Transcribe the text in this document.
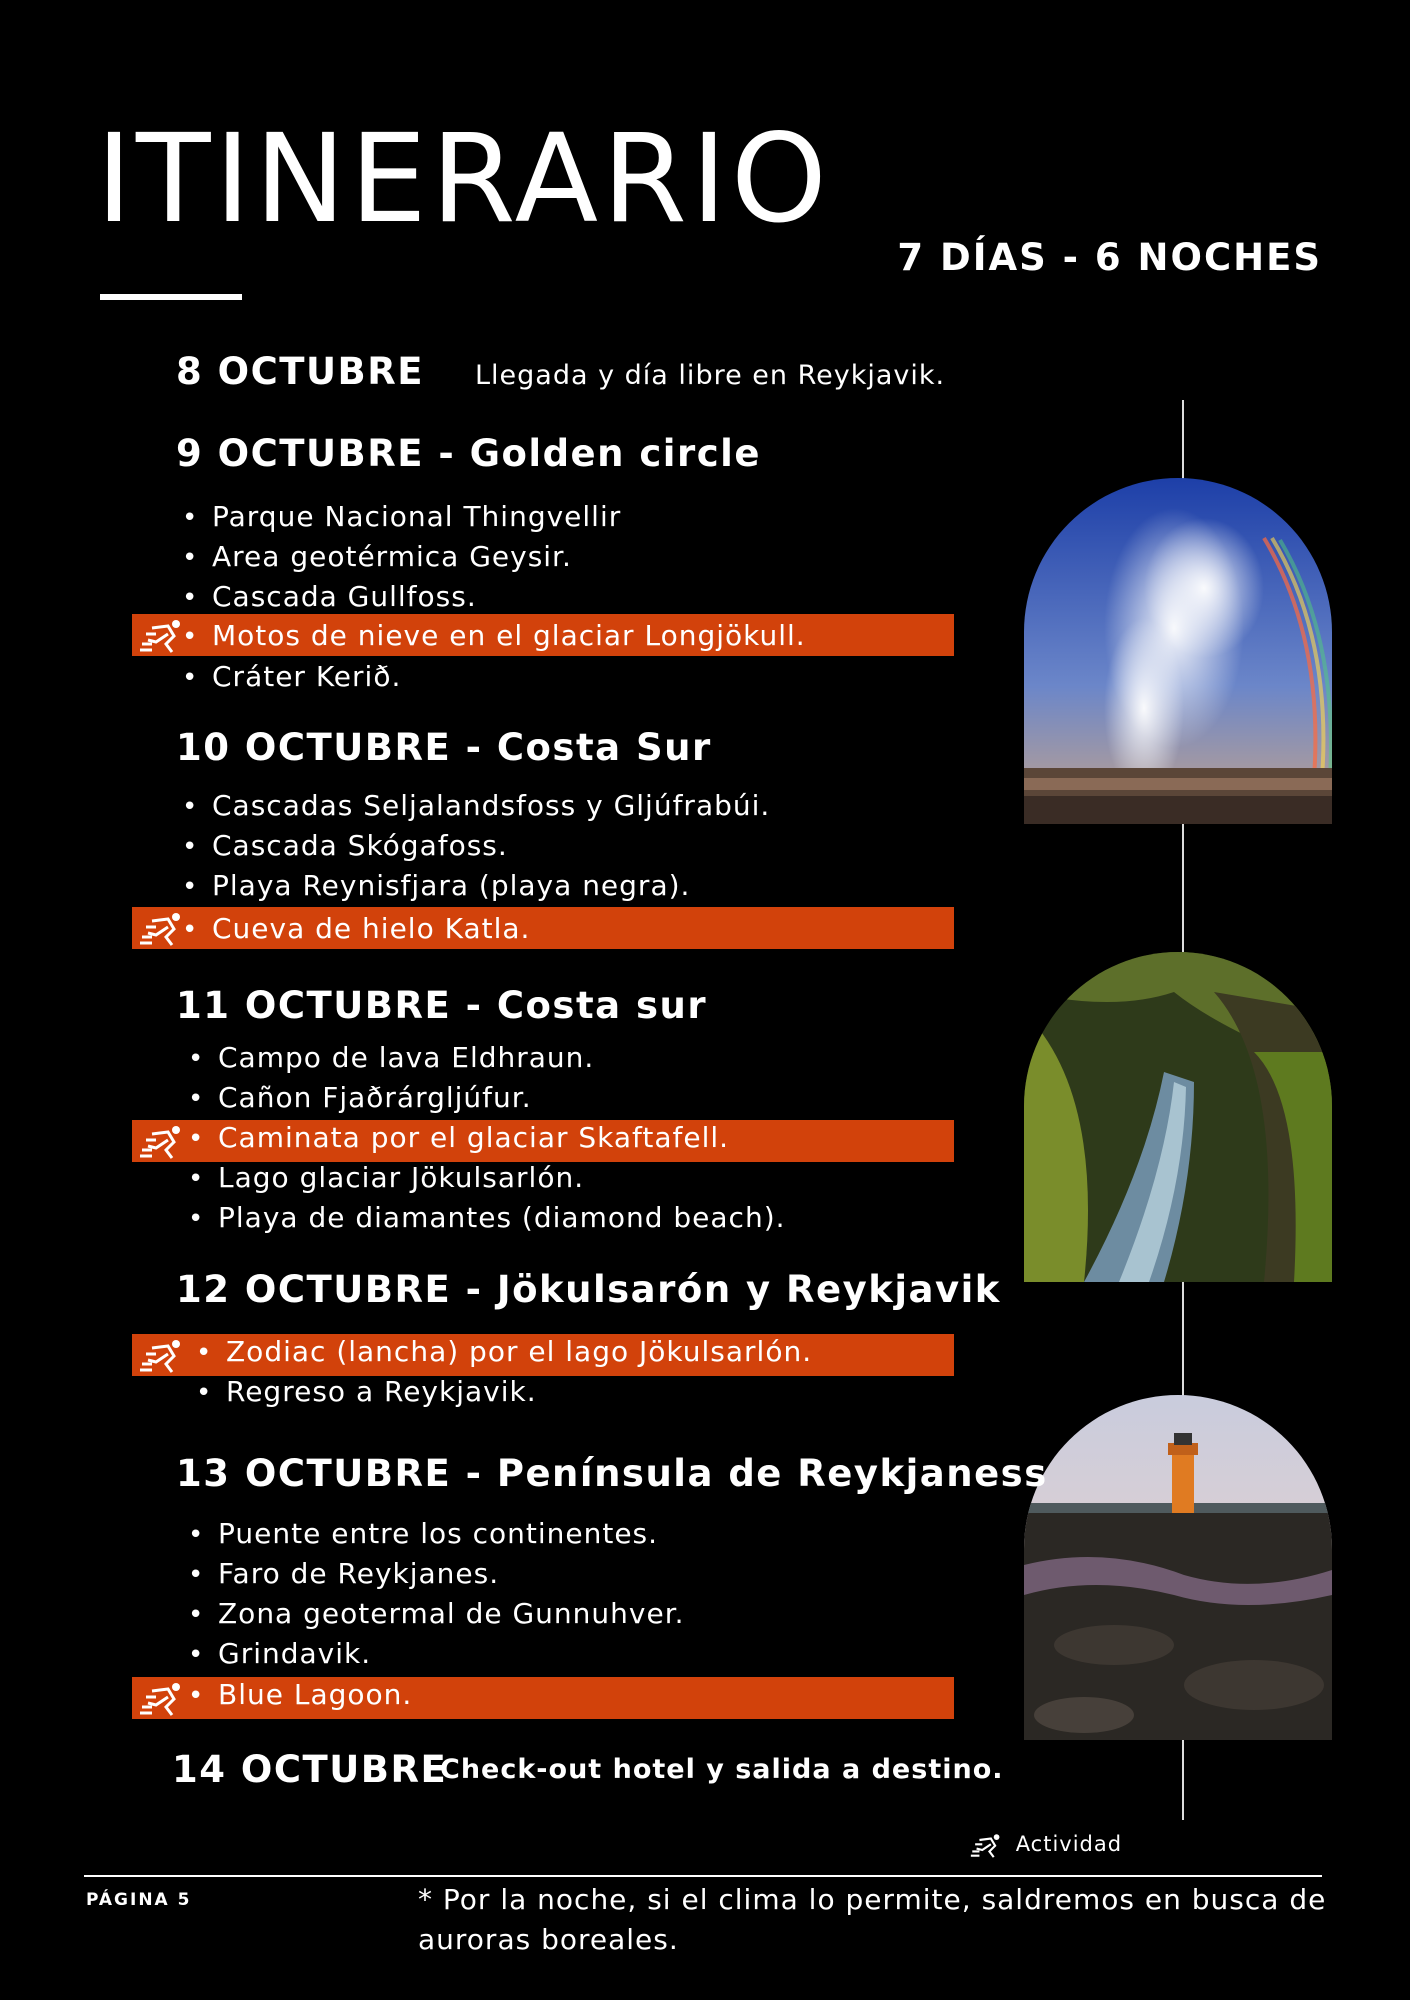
ITINERARIO
7 DÍAS - 6 NOCHES
8 OCTUBRE Llegada y día libre en Reykjavik.
9 OCTUBRE - Golden circle
• Parque Nacional Thingvellir
• Area geotérmica Geysir.
• Cascada Gullfoss.
• Motos de nieve en el glaciar Longjökull.
• Cráter Kerið.
10 OCTUBRE - Costa Sur
• Cascadas Seljalandsfoss y Gljúfrabúi.
• Cascada Skógafoss.
• Playa Reynisfjara (playa negra).
• Cueva de hielo Katla.
11 OCTUBRE - Costa sur
• Campo de lava Eldhraun.
• Cañon Fjaðrárgljúfur.
• Caminata por el glaciar Skaftafell.
• Lago glaciar Jökulsarlón.
• Playa de diamantes (diamond beach).
12 OCTUBRE - Jökulsarón y Reykjavik
• Zodiac (lancha) por el lago Jökulsarlón.
• Regreso a Reykjavik.
13 OCTUBRE - Península de Reykjaness
• Puente entre los continentes.
• Faro de Reykjanes.
• Zona geotermal de Gunnuhver.
• Grindavik.
• Blue Lagoon.
14 OCTUBRE
Check-out hotel y salida a destino.
Actividad
PÁGINA 5	* Por la noche, si el clima lo permite, saldremos en busca de auroras boreales.
